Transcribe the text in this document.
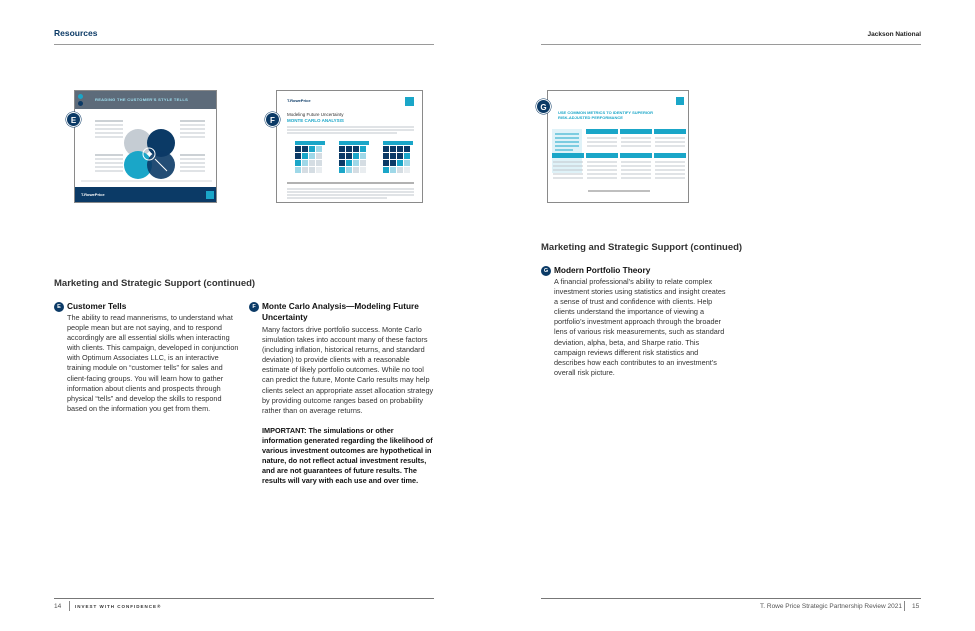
Resources	Jackson National
READING THE CUSTOMER'S STYLE TELLS
T.RowePrice
E
T.RowePrice
Modeling Future Uncertainty
MONTE CARLO ANALYSIS
F
USE COMMON METRICS TO IDENTIFY SUPERIOR
RISK-ADJUSTED PERFORMANCE
G
Marketing and Strategic Support (continued)
E Customer Tells
The ability to read mannerisms, to understand what people mean but are not saying, and to respond accordingly are all essential skills when interacting with clients. This campaign, developed in conjunction with Optimum Associates LLC, is an interactive training module on “customer tells” for sales and client-facing groups. You will learn how to gather information about clients and prospects through physical “tells” and develop the skills to respond based on the information you get from them.
F Monte Carlo Analysis—Modeling Future Uncertainty
Many factors drive portfolio success. Monte Carlo simulation takes into account many of these factors (including inflation, historical returns, and standard deviation) to provide clients with a reasonable estimate of likely portfolio outcomes. While no tool can predict the future, Monte Carlo results may help clients select an appropriate asset allocation strategy by providing outcome ranges based on probability rather than on average returns.
IMPORTANT: The simulations or other information generated regarding the likelihood of various investment outcomes are hypothetical in nature, do not reflect actual investment results, and are not guarantees of future results. The results will vary with each use and over time.
Marketing and Strategic Support (continued)
G Modern Portfolio Theory
A financial professional’s ability to relate complex investment stories using statistics and insight creates a sense of trust and confidence with clients. Help clients understand the importance of viewing a portfolio’s investment approach through the broader lens of various risk measurements, such as standard deviation, alpha, beta, and Sharpe ratio. This campaign reviews different risk statistics and describes how each contributes to an investment’s overall risk picture.
14	INVEST WITH CONFIDENCE®	T. Rowe Price Strategic Partnership Review 2021 15
